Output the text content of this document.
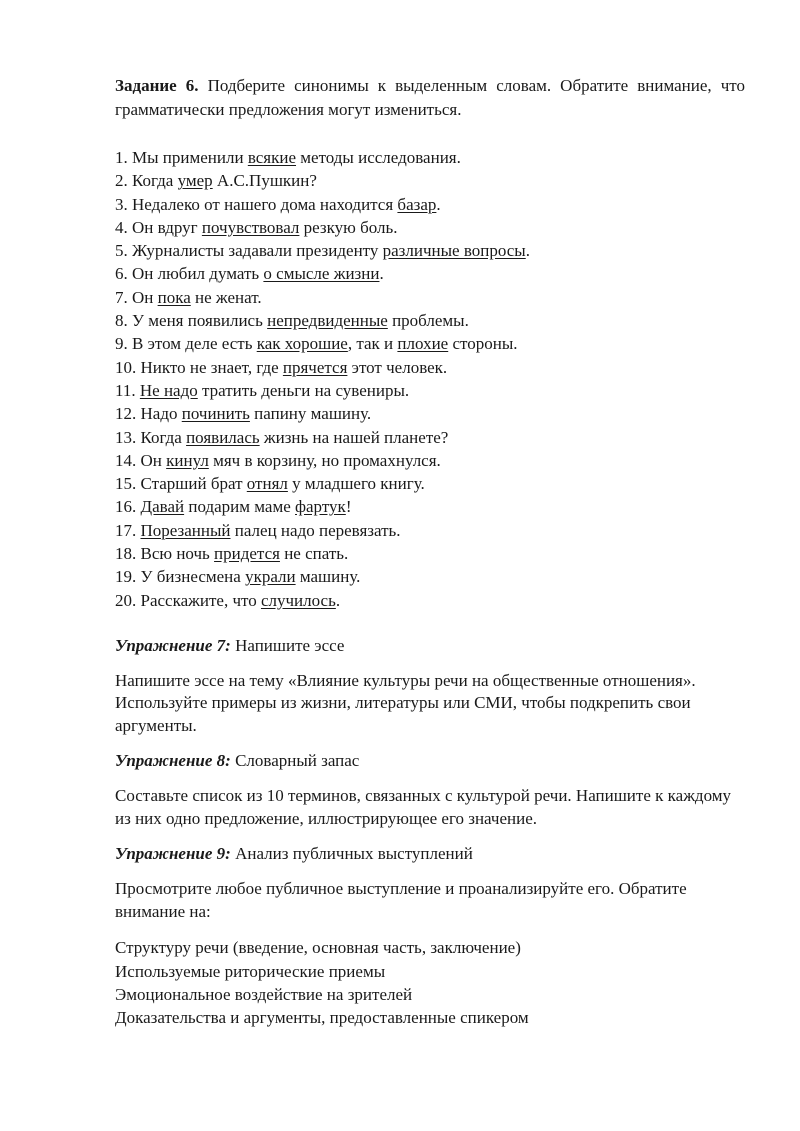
Задание 6. Подберите синонимы к выделенным словам. Обратите внимание, что грамматически предложения могут измениться.

1. Мы применили всякие методы исследования.
2. Когда умер А.С.Пушкин?
3. Недалеко от нашего дома находится базар.
4. Он вдруг почувствовал резкую боль.
5. Журналисты задавали президенту различные вопросы.
6. Он любил думать о смысле жизни.
7. Он пока не женат.
8. У меня появились непредвиденные проблемы.
9. В этом деле есть как хорошие, так и плохие стороны.
10. Никто не знает, где прячется этот человек.
11. Не надо тратить деньги на сувениры.
12. Надо починить папину машину.
13. Когда появилась жизнь на нашей планете?
14. Он кинул мяч в корзину, но промахнулся.
15. Старший брат отнял у младшего книгу.
16. Давай подарим маме фартук!
17. Порезанный палец надо перевязать.
18. Всю ночь придется не спать.
19. У бизнесмена украли машину.
20. Расскажите, что случилось.

Упражнение 7: Напишите эссе

Напишите эссе на тему «Влияние культуры речи на общественные отношения». Используйте примеры из жизни, литературы или СМИ, чтобы подкрепить свои аргументы.

Упражнение 8: Словарный запас

Составьте список из 10 терминов, связанных с культурой речи. Напишите к каждому из них одно предложение, иллюстрирующее его значение.

Упражнение 9: Анализ публичных выступлений

Просмотрите любое публичное выступление и проанализируйте его. Обратите внимание на:

Структуру речи (введение, основная часть, заключение)
Используемые риторические приемы
Эмоциональное воздействие на зрителей
Доказательства и аргументы, предоставленные спикером
